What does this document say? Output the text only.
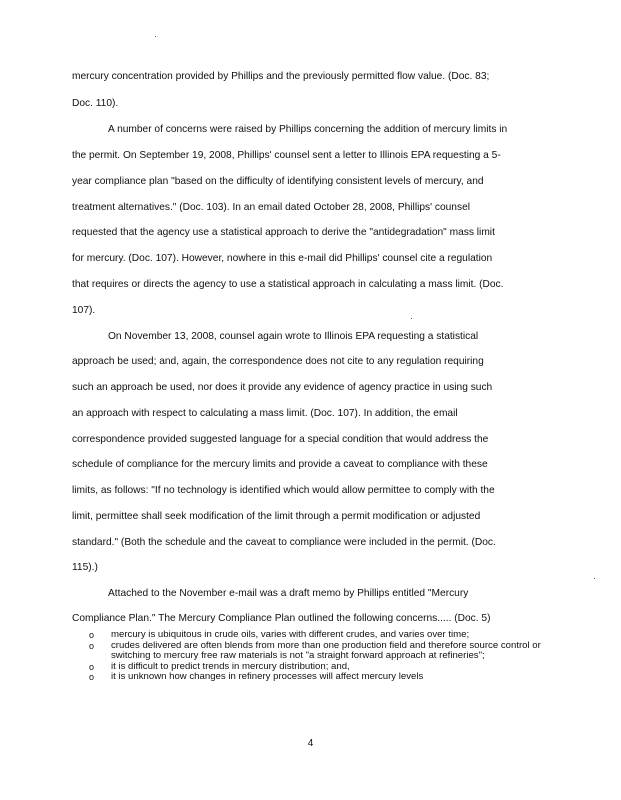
mercury concentration provided by Phillips and the previously permitted flow value. (Doc. 83;
Doc. 110).
A number of concerns were raised by Phillips concerning the addition of mercury limits in
the permit. On September 19, 2008, Phillips' counsel sent a letter to Illinois EPA requesting a 5-
year compliance plan "based on the difficulty of identifying consistent levels of mercury, and
treatment alternatives." (Doc. 103). In an email dated October 28, 2008, Phillips' counsel
requested that the agency use a statistical approach to derive the "antidegradation" mass limit
for mercury. (Doc. 107). However, nowhere in this e-mail did Phillips' counsel cite a regulation
that requires or directs the agency to use a statistical approach in calculating a mass limit. (Doc.
107).
On November 13, 2008, counsel again wrote to Illinois EPA requesting a statistical
approach be used; and, again, the correspondence does not cite to any regulation requiring
such an approach be used, nor does it provide any evidence of agency practice in using such
an approach with respect to calculating a mass limit. (Doc. 107). In addition, the email
correspondence provided suggested language for a special condition that would address the
schedule of compliance for the mercury limits and provide a caveat to compliance with these
limits, as follows: "If no technology is identified which would allow permittee to comply with the
limit, permittee shall seek modification of the limit through a permit modification or adjusted
standard." (Both the schedule and the caveat to compliance were included in the permit. (Doc.
115).)
Attached to the November e-mail was a draft memo by Phillips entitled "Mercury
Compliance Plan." The Mercury Compliance Plan outlined the following concerns..... (Doc. 5)
o mercury is ubiquitous in crude oils, varies with different crudes, and varies over time;
o crudes delivered are often blends from more than one production field and therefore source control or switching to mercury free raw materials is not "a straight forward approach at refineries";
o it is difficult to predict trends in mercury distribution; and,
o it is unknown how changes in refinery processes will affect mercury levels
4
